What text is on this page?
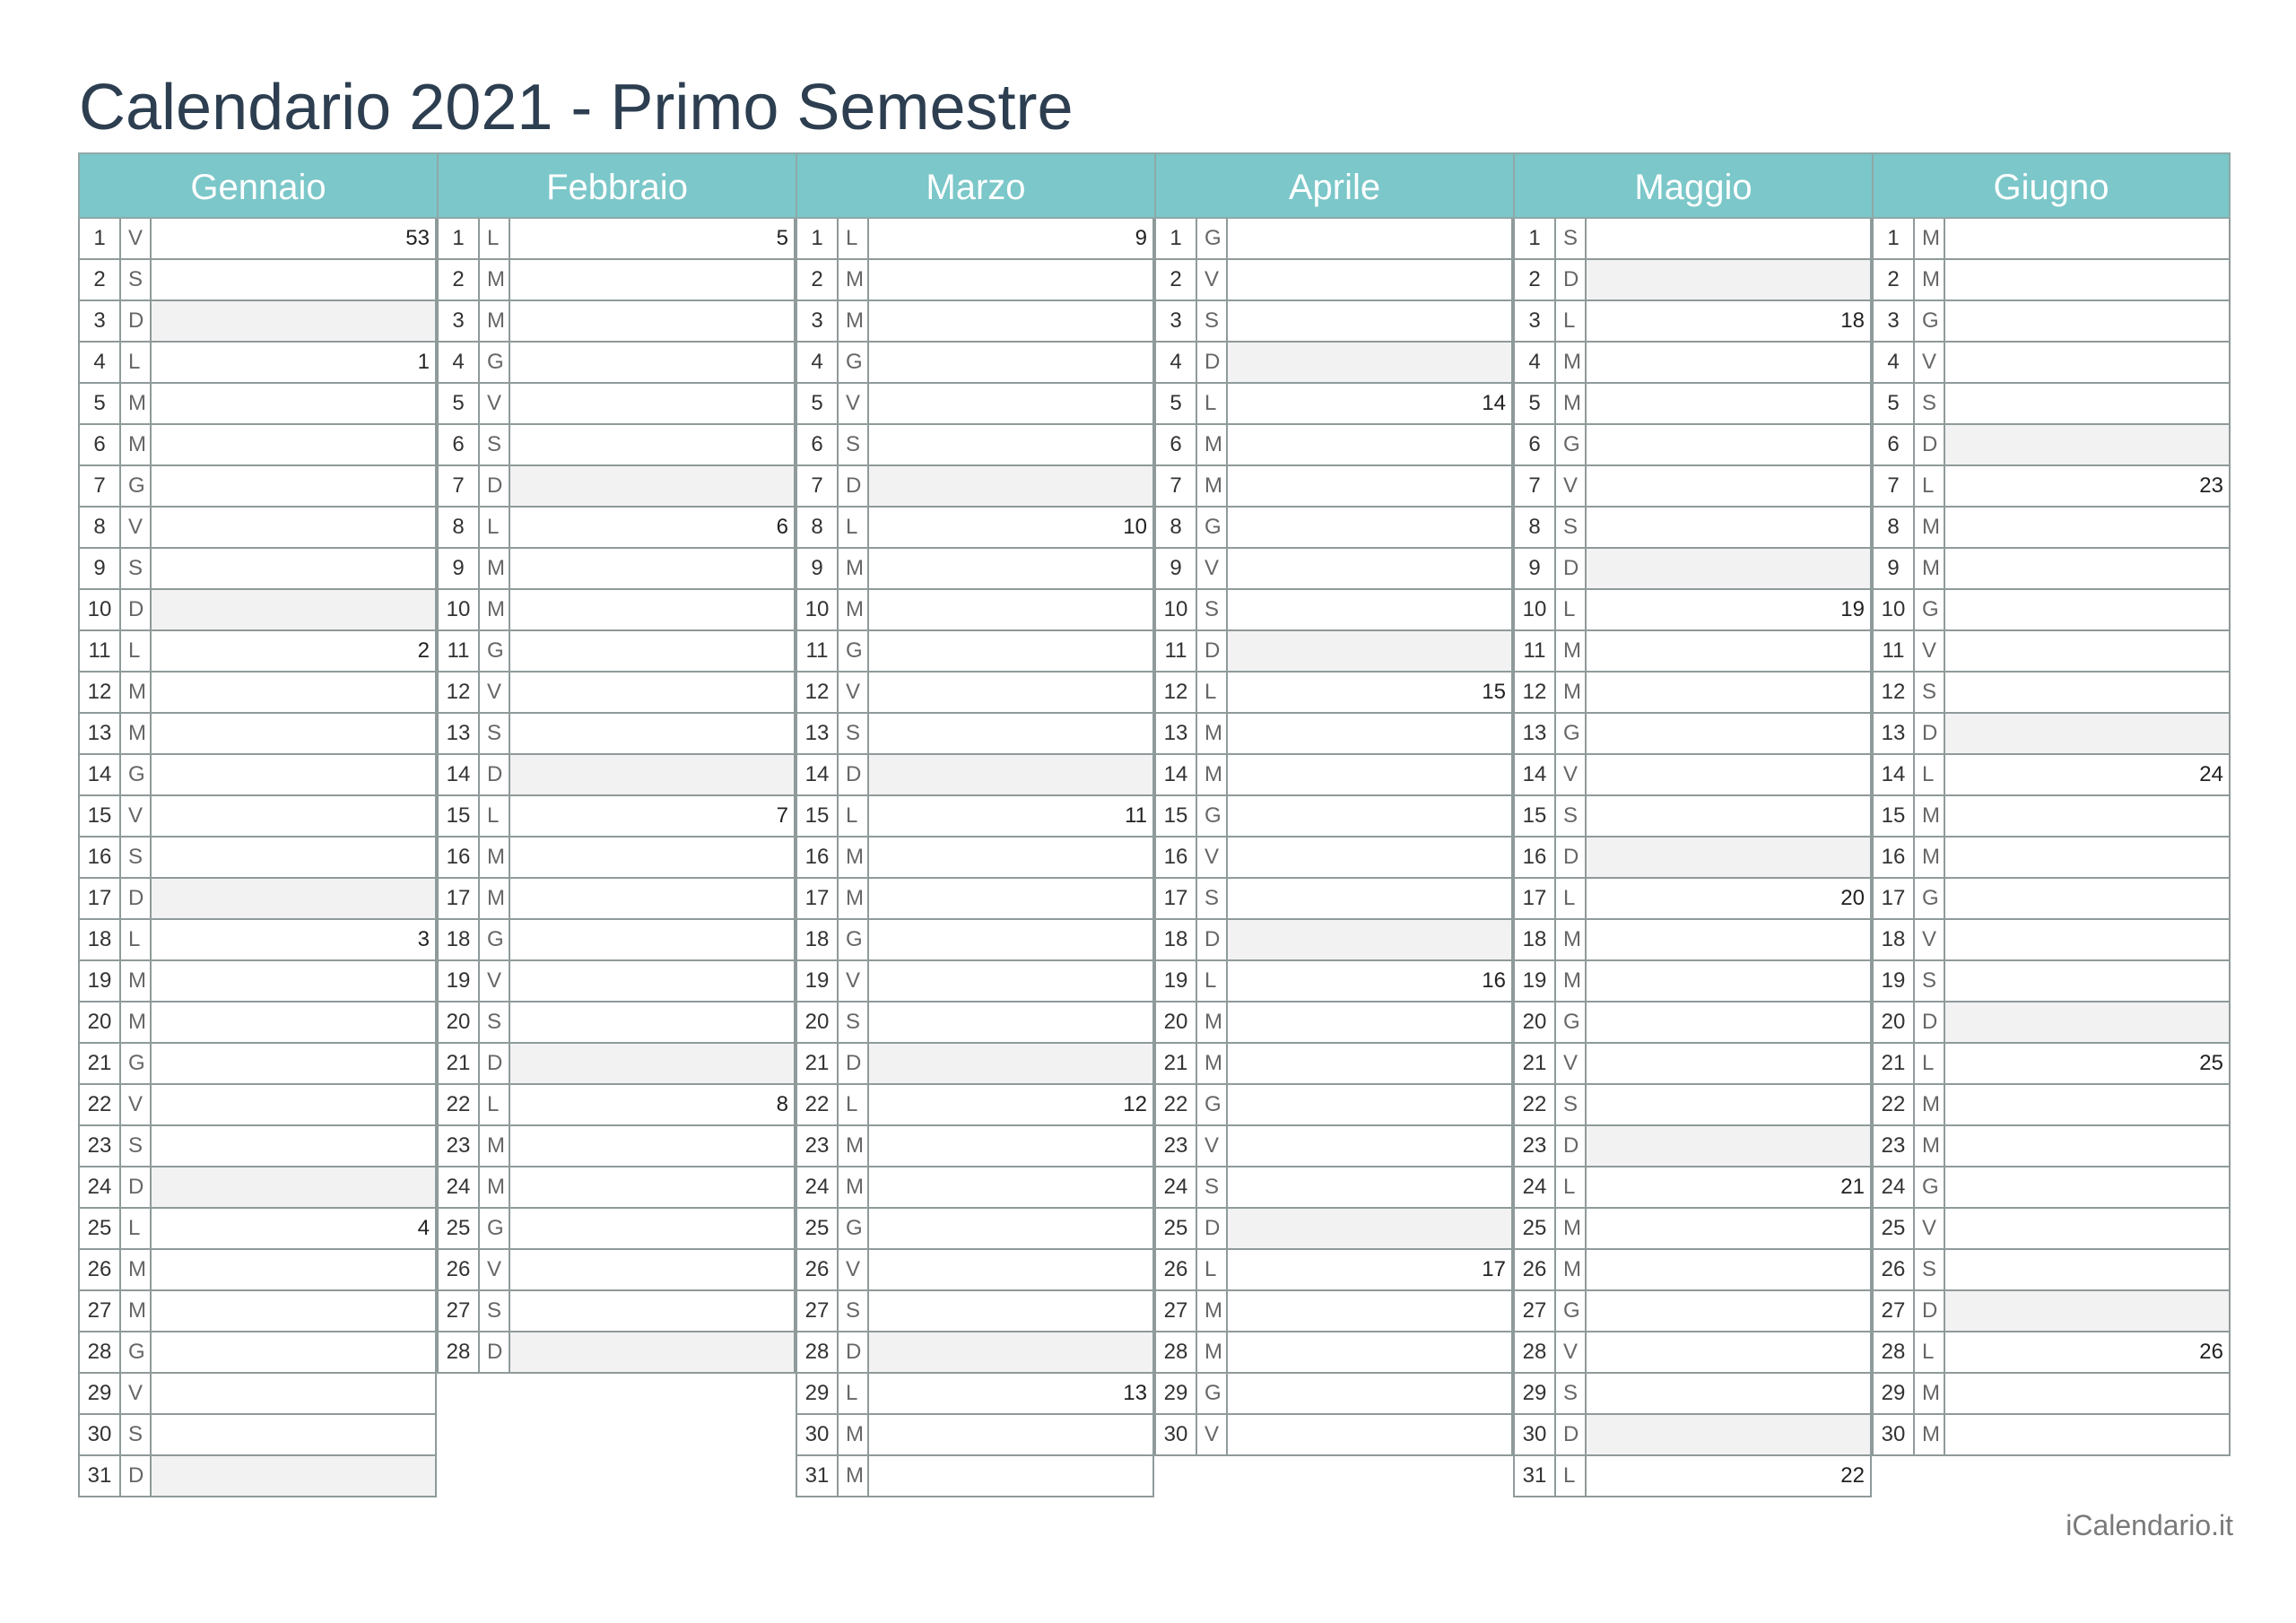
Calendario 2021 - Primo Semestre
Gennaio
1	V	53
2	S
3	D
4	L	1
5	M
6	M
7	G
8	V
9	S
10 D
11 L	2
12 M
13 M
14 G
15 V
16 S
17 D
18 L	3
19 M
20 M
21 G
22 V
23 S
24 D
25 L	4
26 M
27 M
28 G
29 V
30 S
31 D
Febbraio
1	L	5
2	M
3	M
4	G
5	V
6	S
7	D
8	L	6
9	M
10 M
11 G
12 V
13 S
14 D
15 L	7
16 M
17 M
18 G
19 V
20 S
21 D
22 L	8
23 M
24 M
25 G
26 V
27 S
28 D
Marzo
1	L	9
2	M
3	M
4	G
5	V
6	S
7	D
8	L	10
9	M
10 M
11 G
12 V
13 S
14 D
15 L	11
16 M
17 M
18 G
19 V
20 S
21 D
22 L	12
23 M
24 M
25 G
26 V
27 S
28 D
29 L	13
30 M
31 M
Aprile
1	G
2	V
3	S
4	D
5	L	14
6	M
7	M
8	G
9	V
10 S
11 D
12 L	15
13 M
14 M
15 G
16 V
17 S
18 D
19 L	16
20 M
21 M
22 G
23 V
24 S
25 D
26 L	17
27 M
28 M
29 G
30 V
Maggio
1	S
2	D
3	L	18
4	M
5	M
6	G
7	V
8	S
9	D
10 L	19
11 M
12 M
13 G
14 V
15 S
16 D
17 L	20
18 M
19 M
20 G
21 V
22 S
23 D
24 L	21
25 M
26 M
27 G
28 V
29 S
30 D
31 L	22
Giugno
1	M
2	M
3	G
4	V
5	S
6	D
7	L	23
8	M
9	M
10 G
11 V
12 S
13 D
14 L	24
15 M
16 M
17 G
18 V
19 S
20 D
21 L	25
22 M
23 M
24 G
25 V
26 S
27 D
28 L	26
29 M
30 M
iCalendario.it
